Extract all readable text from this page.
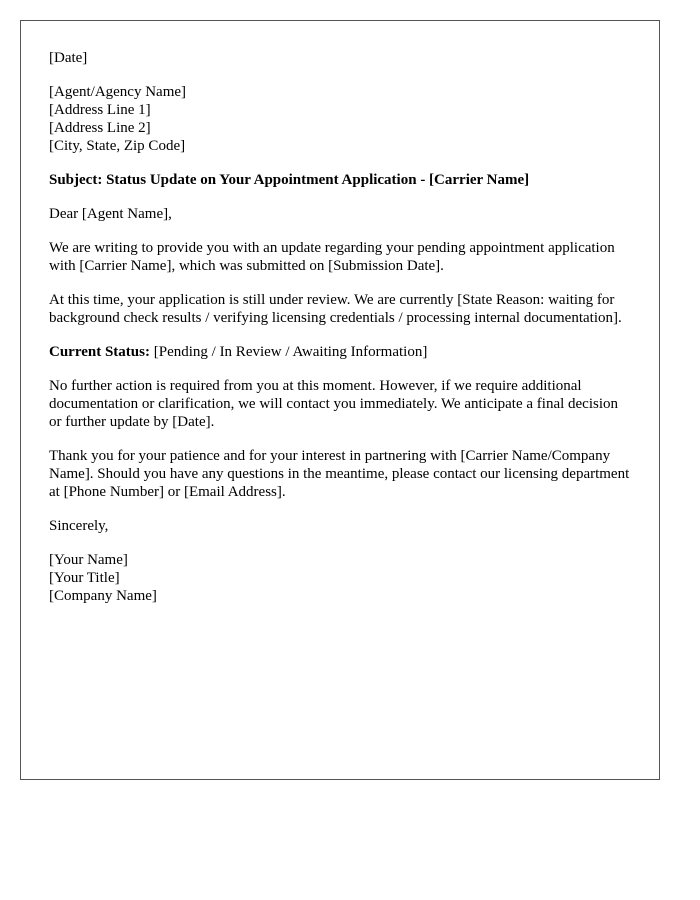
[Date]
[Agent/Agency Name]
[Address Line 1]
[Address Line 2]
[City, State, Zip Code]
Subject: Status Update on Your Appointment Application - [Carrier Name]
Dear [Agent Name],
We are writing to provide you with an update regarding your pending appointment application with [Carrier Name], which was submitted on [Submission Date].
At this time, your application is still under review. We are currently [State Reason: waiting for background check results / verifying licensing credentials / processing internal documentation].
Current Status: [Pending / In Review / Awaiting Information]
No further action is required from you at this moment. However, if we require additional documentation or clarification, we will contact you immediately. We anticipate a final decision or further update by [Date].
Thank you for your patience and for your interest in partnering with [Carrier Name/Company Name]. Should you have any questions in the meantime, please contact our licensing department at [Phone Number] or [Email Address].
Sincerely,
[Your Name]
[Your Title]
[Company Name]
